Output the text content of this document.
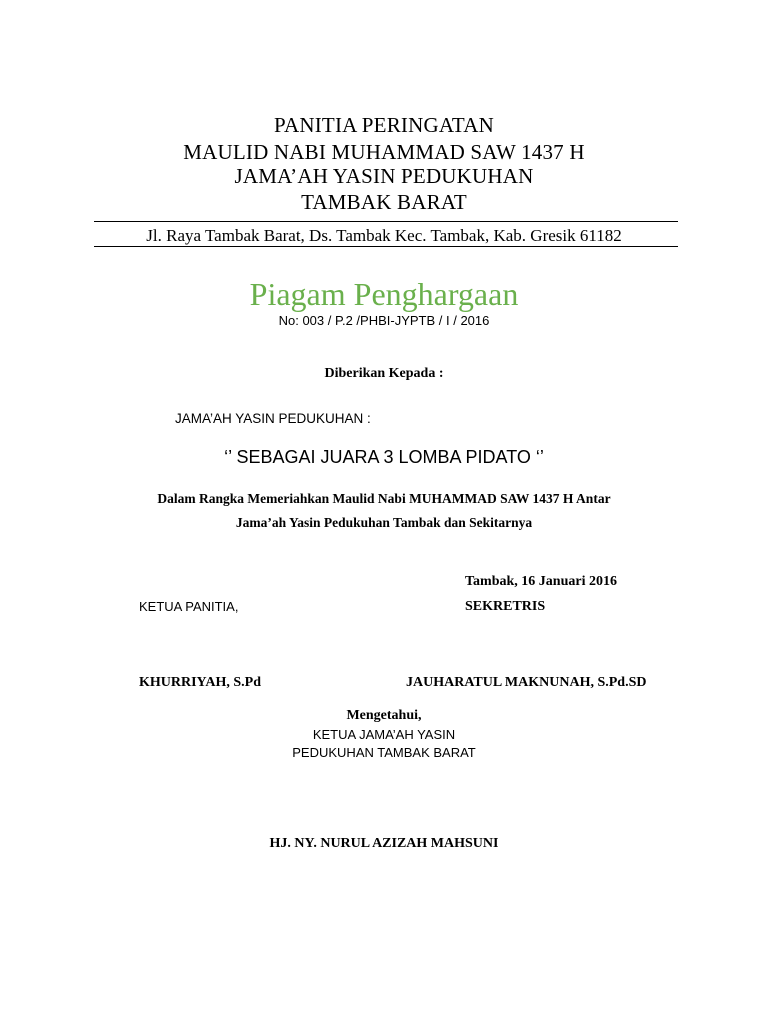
PANITIA PERINGATAN
MAULID NABI MUHAMMAD SAW 1437 H
JAMA’AH YASIN PEDUKUHAN
TAMBAK BARAT
Jl. Raya Tambak Barat, Ds. Tambak Kec. Tambak, Kab. Gresik 61182
Piagam Penghargaan
No: 003 / P.2 /PHBI-JYPTB / I / 2016
Diberikan Kepada :
JAMA’AH YASIN PEDUKUHAN :
‘’ SEBAGAI JUARA 3 LOMBA PIDATO ‘’
Dalam Rangka Memeriahkan Maulid Nabi MUHAMMAD SAW 1437 H Antar
Jama’ah Yasin Pedukuhan Tambak dan Sekitarnya
Tambak, 16 Januari 2016
KETUA PANITIA,	SEKRETRIS
KHURRIYAH, S.Pd	JAUHARATUL MAKNUNAH, S.Pd.SD
Mengetahui,
KETUA JAMA’AH YASIN
PEDUKUHAN TAMBAK BARAT
HJ. NY. NURUL AZIZAH MAHSUNI
